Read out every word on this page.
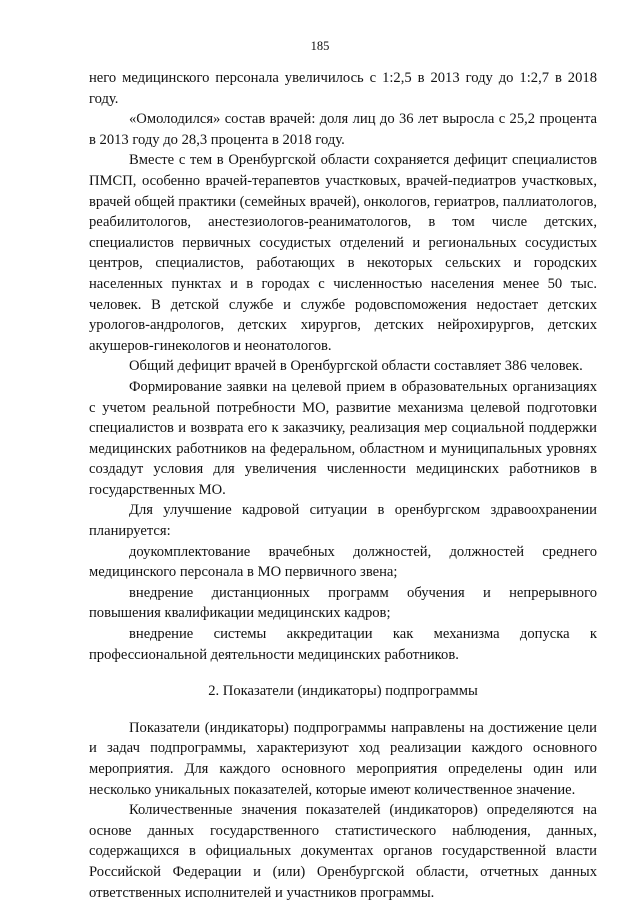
185

него медицинского персонала увеличилось с 1:2,5 в 2013 году до 1:2,7 в 2018 году.

«Омолодился» состав врачей: доля лиц до 36 лет выросла с 25,2 процента в 2013 году до 28,3 процента в 2018 году.

Вместе с тем в Оренбургской области сохраняется дефицит специалистов ПМСП, особенно врачей-терапевтов участковых, врачей-педиатров участковых, врачей общей практики (семейных врачей), онкологов, гериатров, паллиатологов, реабилитологов, анестезиологов-реаниматологов, в том числе детских, специалистов первичных сосудистых отделений и региональных сосудистых центров, специалистов, работающих в некоторых сельских и городских населенных пунктах и в городах с численностью населения менее 50 тыс. человек. В детской службе и службе родовспоможения недостает детских урологов-андрологов, детских хирургов, детских нейрохирургов, детских акушеров-гинекологов и неонатологов.

Общий дефицит врачей в Оренбургской области составляет 386 человек.

Формирование заявки на целевой прием в образовательных организациях с учетом реальной потребности МО, развитие механизма целевой подготовки специалистов и возврата его к заказчику, реализация мер социальной поддержки медицинских работников на федеральном, областном и муниципальных уровнях создадут условия для увеличения численности медицинских работников в государственных МО.

Для улучшение кадровой ситуации в оренбургском здравоохранении планируется:

доукомплектование врачебных должностей, должностей среднего медицинского персонала в МО первичного звена;

внедрение дистанционных программ обучения и непрерывного повышения квалификации медицинских кадров;

внедрение системы аккредитации как механизма допуска к профессиональной деятельности медицинских работников.

2. Показатели (индикаторы) подпрограммы

Показатели (индикаторы) подпрограммы направлены на достижение цели и задач подпрограммы, характеризуют ход реализации каждого основного мероприятия. Для каждого основного мероприятия определены один или несколько уникальных показателей, которые имеют количественное значение.

Количественные значения показателей (индикаторов) определяются на основе данных государственного статистического наблюдения, данных, содержащихся в официальных документах органов государственной власти Российской Федерации и (или) Оренбургской области, отчетных данных ответственных исполнителей и участников программы.
